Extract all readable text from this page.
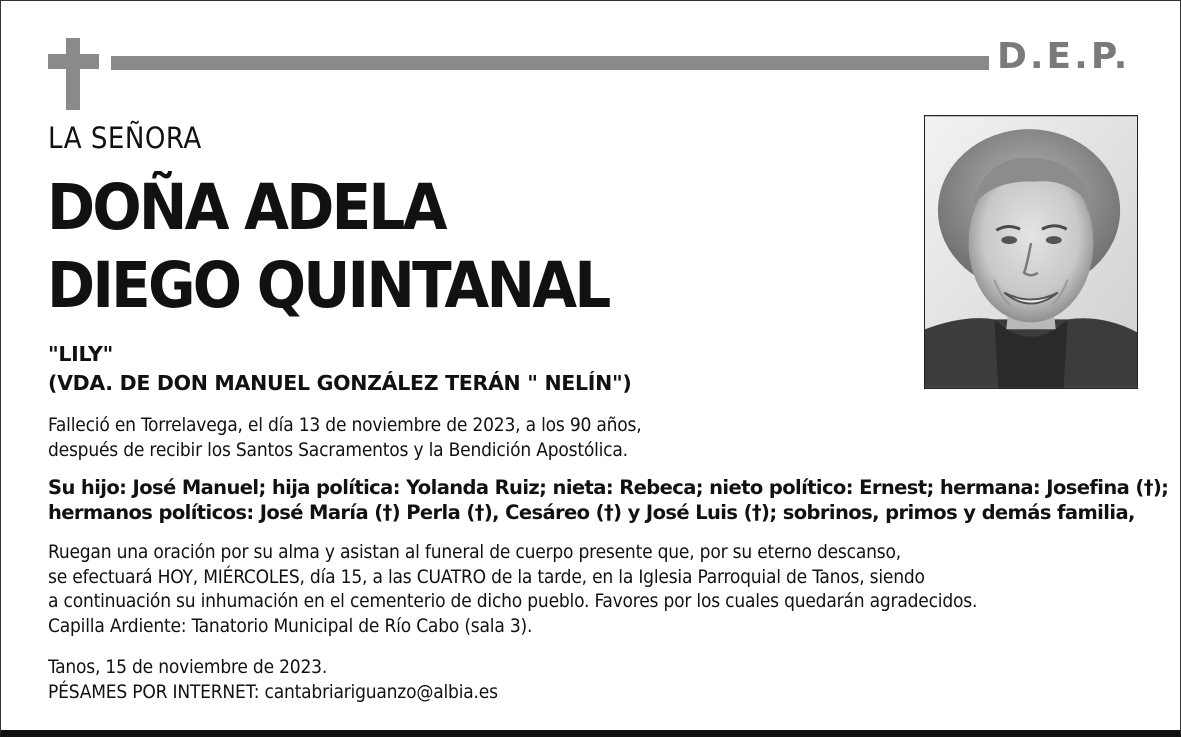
D.E.P.
LA SEÑORA
DOÑA ADELA
DIEGO QUINTANAL
"LILY"
(VDA. DE DON MANUEL GONZÁLEZ TERÁN " NELÍN")
Falleció en Torrelavega, el día 13 de noviembre de 2023, a los 90 años,
después de recibir los Santos Sacramentos y la Bendición Apostólica.
Su hijo: José Manuel; hija política: Yolanda Ruiz; nieta: Rebeca; nieto político: Ernest; hermana: Josefina (†);
hermanos políticos: José María (†) Perla (†), Cesáreo (†) y José Luis (†); sobrinos, primos y demás familia,
Ruegan una oración por su alma y asistan al funeral de cuerpo presente que, por su eterno descanso,
se efectuará HOY, MIÉRCOLES, día 15, a las CUATRO de la tarde, en la Iglesia Parroquial de Tanos, siendo
a continuación su inhumación en el cementerio de dicho pueblo. Favores por los cuales quedarán agradecidos.
Capilla Ardiente: Tanatorio Municipal de Río Cabo (sala 3).
Tanos, 15 de noviembre de 2023.
PÉSAMES POR INTERNET: cantabriariguanzo@albia.es
